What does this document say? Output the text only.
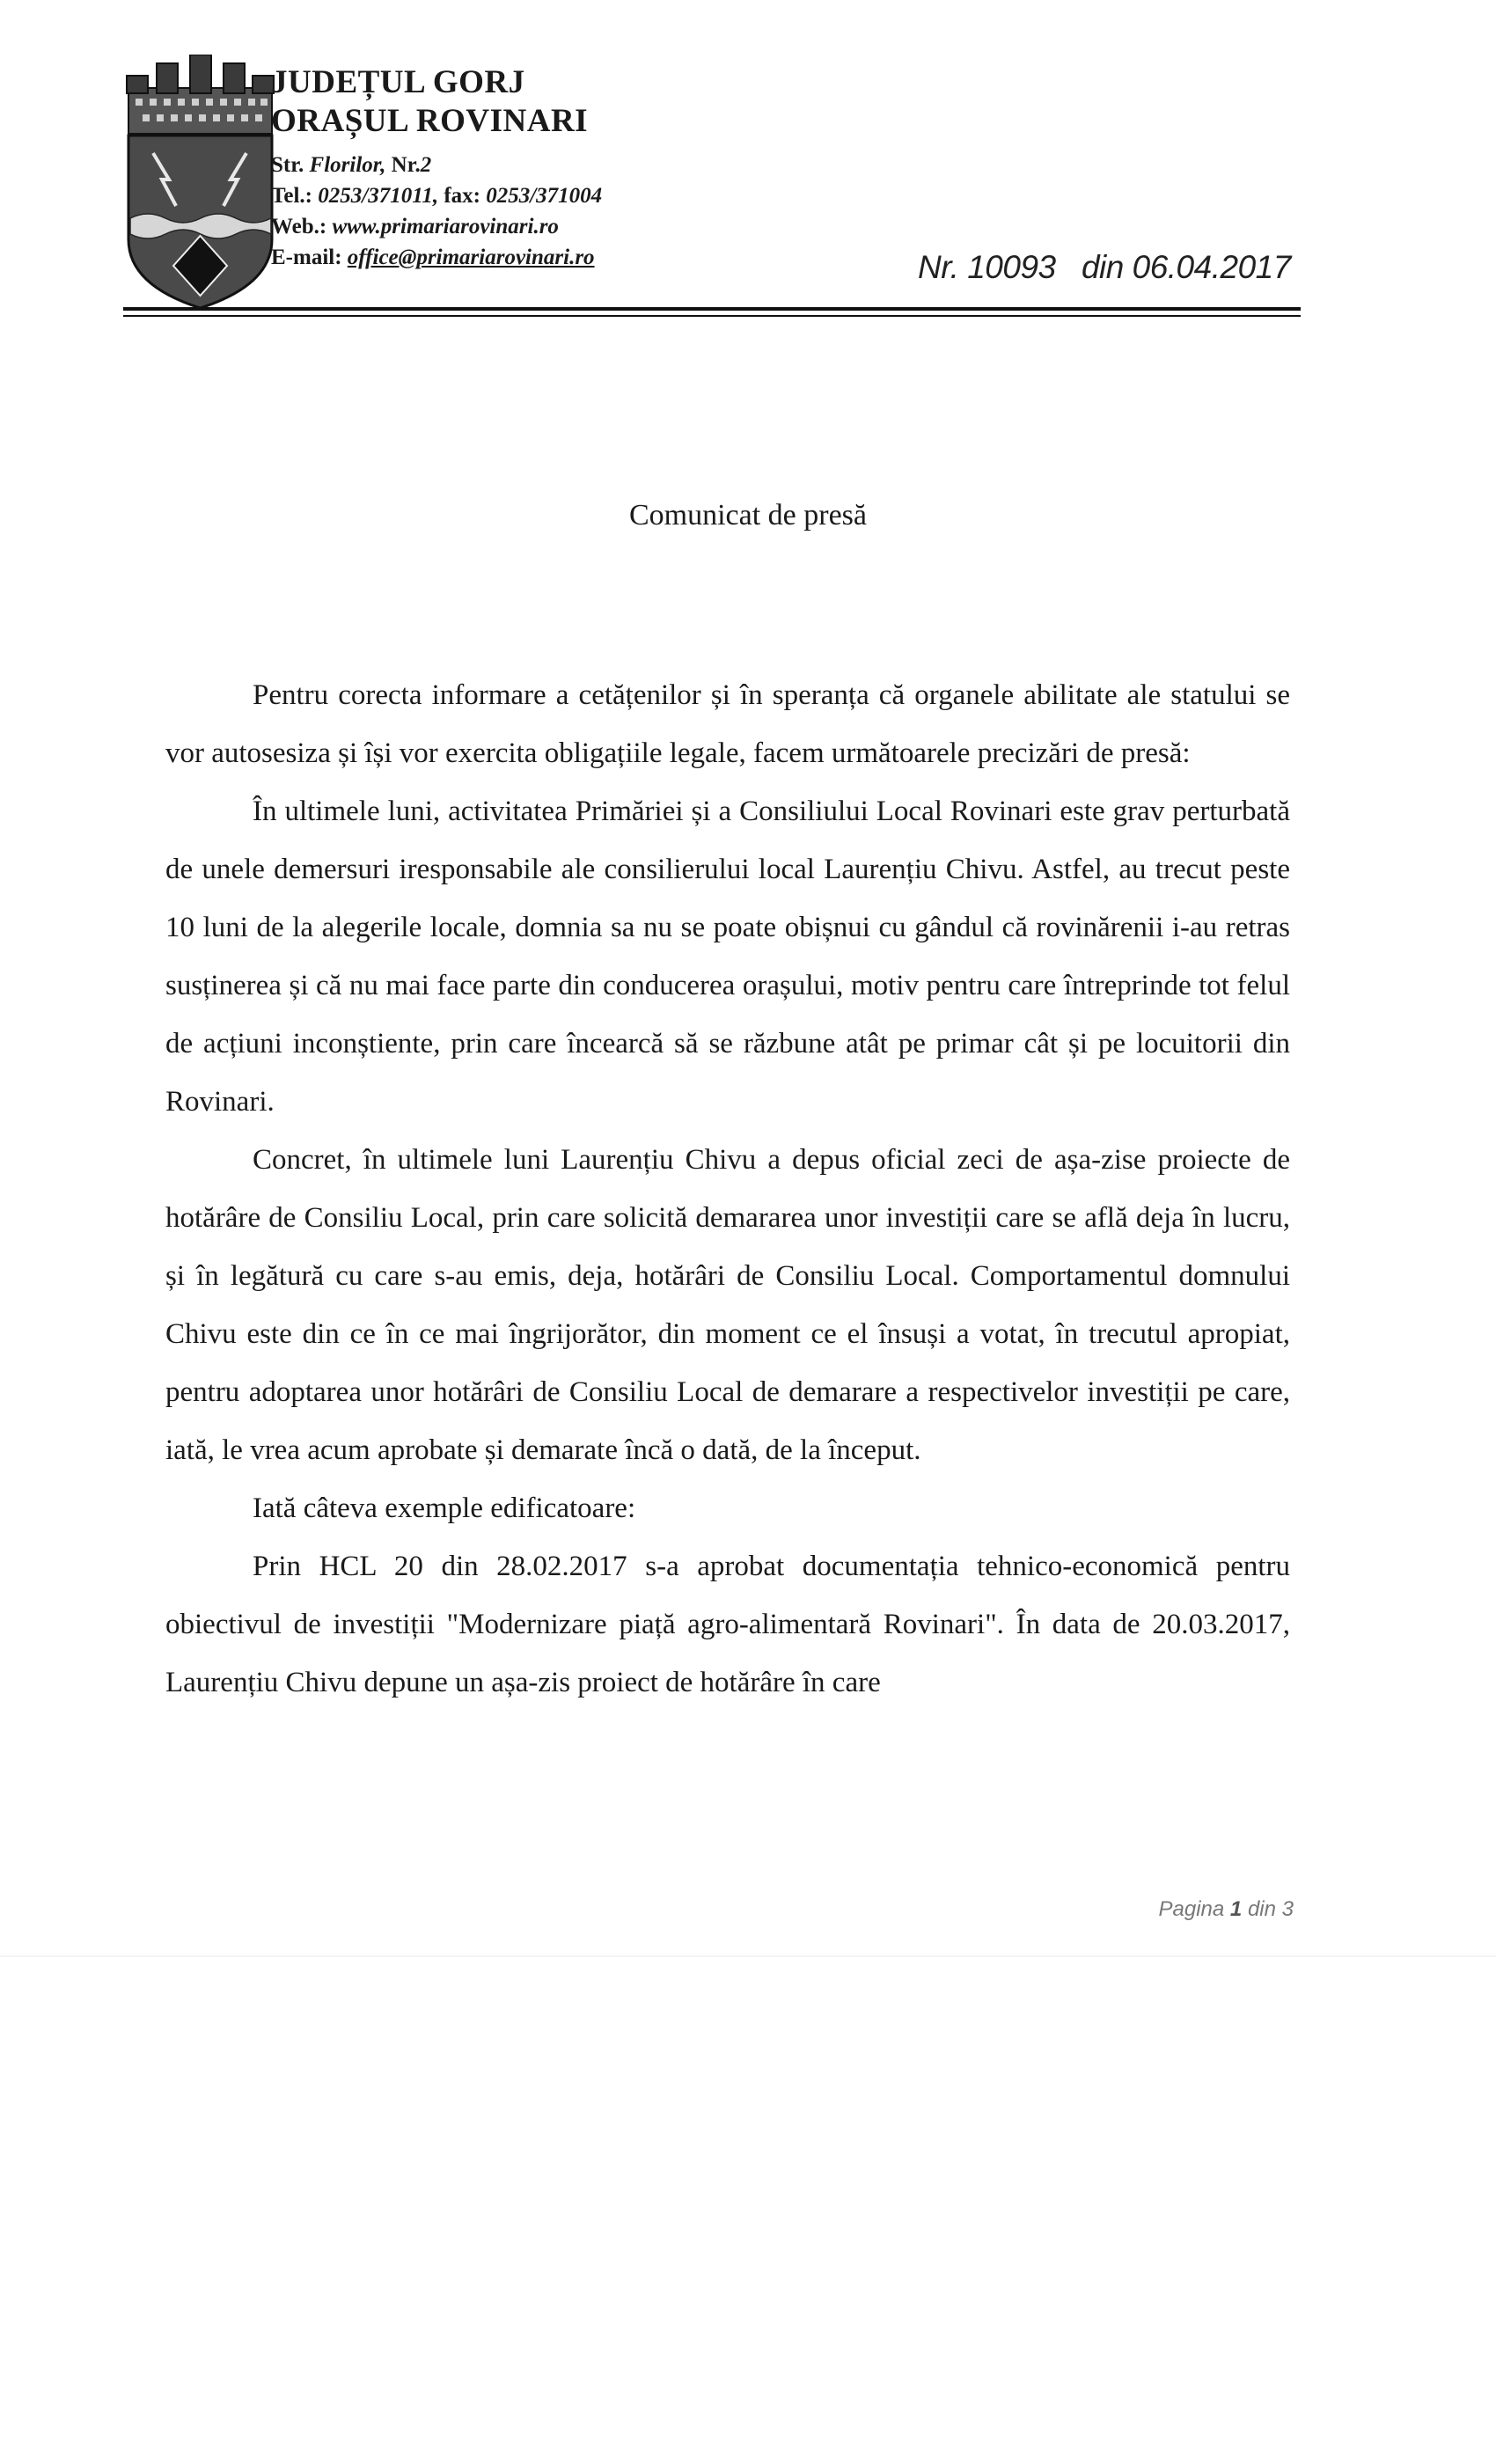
JUDEȚUL GORJ

ORAȘUL ROVINARI

Str. Florilor, Nr.2

Tel.: 0253/371011, fax: 0253/371004

Web.: www.primariarovinari.ro

E-mail: office@primariarovinari.ro	Nr. 10093 din 06.04.2017
Comunicat de presă

Pentru corecta informare a cetățenilor și în speranța că organele abilitate ale statului se vor autosesiza și își vor exercita obligațiile legale, facem următoarele precizări de presă:

În ultimele luni, activitatea Primăriei și a Consiliului Local Rovinari este grav perturbată de unele demersuri iresponsabile ale consilierului local Laurențiu Chivu. Astfel, au trecut peste 10 luni de la alegerile locale, domnia sa nu se poate obișnui cu gândul că rovinărenii i-au retras susținerea și că nu mai face parte din conducerea orașului, motiv pentru care întreprinde tot felul de acțiuni inconștiente, prin care încearcă să se răzbune atât pe primar cât și pe locuitorii din Rovinari.

Concret, în ultimele luni Laurențiu Chivu a depus oficial zeci de așa-zise proiecte de hotărâre de Consiliu Local, prin care solicită demararea unor investiții care se află deja în lucru, și în legătură cu care s-au emis, deja, hotărâri de Consiliu Local. Comportamentul domnului Chivu este din ce în ce mai îngrijorător, din moment ce el însuși a votat, în trecutul apropiat, pentru adoptarea unor hotărâri de Consiliu Local de demarare a respectivelor investiții pe care, iată, le vrea acum aprobate și demarate încă o dată, de la început.

Iată câteva exemple edificatoare:

Prin HCL 20 din 28.02.2017 s-a aprobat documentația tehnico-economică pentru obiectivul de investiții "Modernizare piață agro-alimentară Rovinari". În data de 20.03.2017, Laurențiu Chivu depune un așa-zis proiect de hotărâre în care

Pagina 1 din 3
